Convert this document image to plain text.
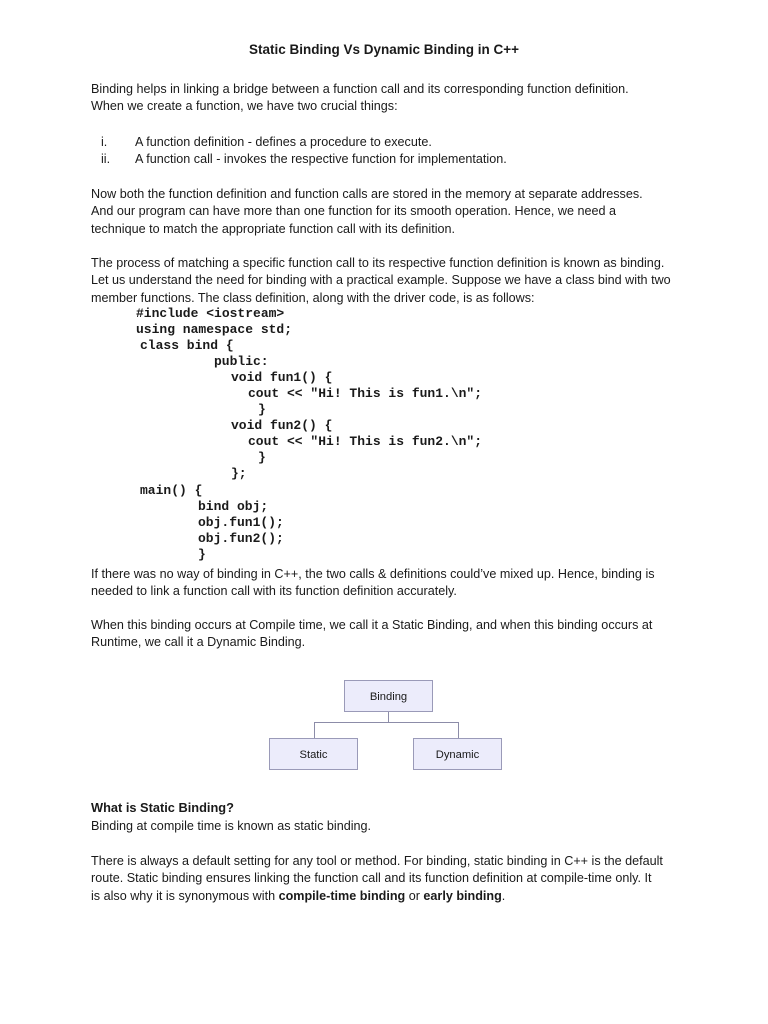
Static Binding Vs Dynamic Binding in C++
Binding helps in linking a bridge between a function call and its corresponding function definition.
When we create a function, we have two crucial things:
i.	A function definition - defines a procedure to execute.
ii.	A function call - invokes the respective function for implementation.
Now both the function definition and function calls are stored in the memory at separate addresses.
And our program can have more than one function for its smooth operation. Hence, we need a
technique to match the appropriate function call with its definition.
The process of matching a specific function call to its respective function definition is known as binding.
Let us understand the need for binding with a practical example. Suppose we have a class bind with two
member functions. The class definition, along with the driver code, is as follows:

#include <iostream>

using namespace std;

class bind {

public:

void fun1() {

cout << "Hi! This is fun1.\n";

}

void fun2() {

cout << "Hi! This is fun2.\n";

}

};

main() {

bind obj;

obj.fun1();

obj.fun2();

}

If there was no way of binding in C++, the two calls & definitions could’ve mixed up. Hence, binding is
needed to link a function call with its function definition accurately.
When this binding occurs at Compile time, we call it a Static Binding, and when this binding occurs at
Runtime, we call it a Dynamic Binding.
Binding
Static	Dynamic
What is Static Binding?
Binding at compile time is known as static binding.
There is always a default setting for any tool or method. For binding, static binding in C++ is the default
route. Static binding ensures linking the function call and its function definition at compile-time only. It
is also why it is synonymous with compile-time binding or early binding.
